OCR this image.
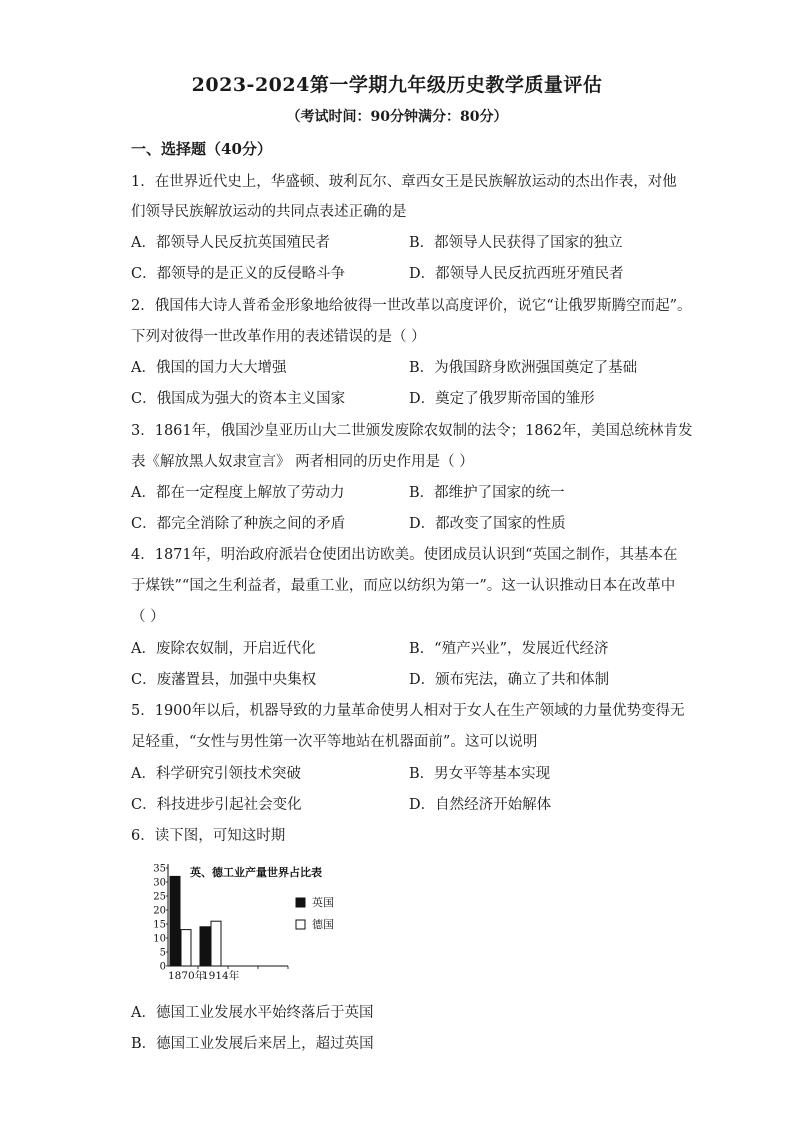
2023-2024第一学期九年级历史教学质量评估
（考试时间：90分钟满分：80分）
一、选择题（40分）
1．在世界近代史上，华盛顿、玻利瓦尔、章西女王是民族解放运动的杰出作表，对他
们领导民族解放运动的共同点表述正确的是
A．都领导人民反抗英国殖民者	B．都领导人民获得了国家的独立
C．都领导的是正义的反侵略斗争	D．都领导人民反抗西班牙殖民者
2．俄国伟大诗人普希金形象地给彼得一世改革以高度评价，说它“让俄罗斯腾空而起”。
下列对彼得一世改革作用的表述错误的是（ ）
A．俄国的国力大大增强	B．为俄国跻身欧洲强国奠定了基础
C．俄国成为强大的资本主义国家	D．奠定了俄罗斯帝国的雏形
3．1861年，俄国沙皇亚历山大二世颁发废除农奴制的法令；1862年，美国总统林肯发
表《解放黑人奴隶宣言》 两者相同的历史作用是（ ）
A．都在一定程度上解放了劳动力	B．都维护了国家的统一
C．都完全消除了种族之间的矛盾	D．都改变了国家的性质
4．1871年，明治政府派岩仓使团出访欧美。使团成员认识到“英国之制作，其基本在
于煤铁”“国之生利益者，最重工业，而应以纺织为第一”。这一认识推动日本在改革中
（ ）
A．废除农奴制，开启近代化	B．“殖产兴业”，发展近代经济
C．废藩置县，加强中央集权	D．颁布宪法，确立了共和体制
5．1900年以后，机器导致的力量革命使男人相对于女人在生产领域的力量优势变得无
足轻重，“女性与男性第一次平等地站在机器面前”。这可以说明
A．科学研究引领技术突破	B．男女平等基本实现
C．科技进步引起社会变化	D．自然经济开始解体
6．读下图，可知这时期
0
5
10
15
20
25
30
35
1870年
1914年
英国
德国
英、德工业产量世界占比表
A．德国工业发展水平始终落后于英国
B．德国工业发展后来居上，超过英国
